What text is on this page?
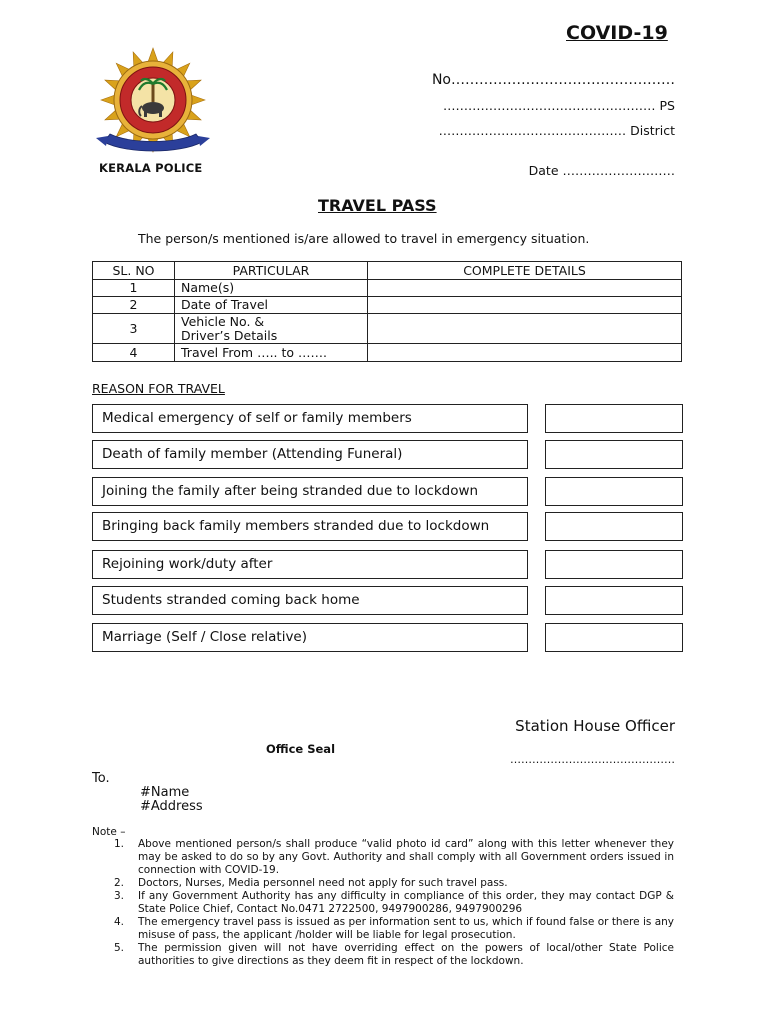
COVID-19
KERALA POLICE
No…………………………………………
…………………………………………… PS
……………………………………… District
Date ………………………
TRAVEL PASS
The person/s mentioned is/are allowed to travel in emergency situation.
SL. NO	PARTICULAR	COMPLETE DETAILS
1	Name(s)	
2	Date of Travel	
3	Vehicle No. &
Driver’s Details	

4	Travel From ….. to …….	
REASON FOR TRAVEL
Medical emergency of self or family members
Death of family member (Attending Funeral)
Joining the family after being stranded due to lockdown
Bringing back family members stranded due to lockdown
Rejoining work/duty after
Students stranded coming back home
Marriage (Self / Close relative)
Station House Officer
Office Seal
………………………………………
To.
#Name
#Address
Note –
1. Above mentioned person/s shall produce “valid photo id card” along with this letter whenever they may be asked to do so by any Govt. Authority and shall comply with all Government orders issued in connection with COVID-19.
2. Doctors, Nurses, Media personnel need not apply for such travel pass.
3. If any Government Authority has any difficulty in compliance of this order, they may contact DGP & State Police Chief, Contact No.0471 2722500, 9497900286, 9497900296
4. The emergency travel pass is issued as per information sent to us, which if found false or there is any misuse of pass, the applicant /holder will be liable for legal prosecution.
5. The permission given will not have overriding effect on the powers of local/other State Police authorities to give directions as they deem fit in respect of the lockdown.
